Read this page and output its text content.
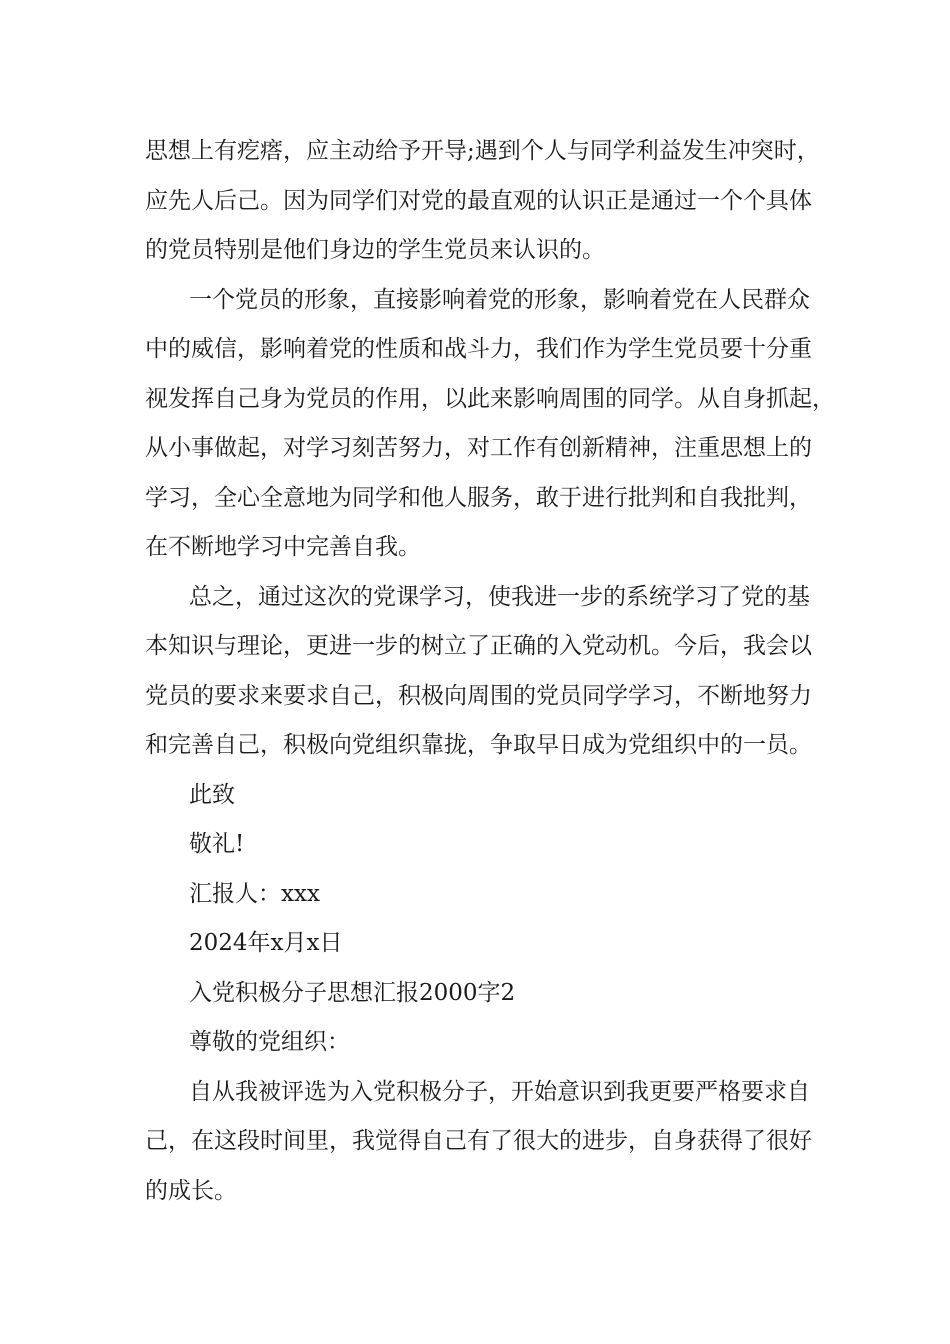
思想上有疙瘩，应主动给予开导;遇到个人与同学利益发生冲突时，
应先人后己。因为同学们对党的最直观的认识正是通过一个个具体
的党员特别是他们身边的学生党员来认识的。
一个党员的形象，直接影响着党的形象，影响着党在人民群众
中的威信，影响着党的性质和战斗力，我们作为学生党员要十分重
视发挥自己身为党员的作用，以此来影响周围的同学。从自身抓起，
从小事做起，对学习刻苦努力，对工作有创新精神，注重思想上的
学习，全心全意地为同学和他人服务，敢于进行批判和自我批判，
在不断地学习中完善自我。
总之，通过这次的党课学习，使我进一步的系统学习了党的基
本知识与理论，更进一步的树立了正确的入党动机。今后，我会以
党员的要求来要求自己，积极向周围的党员同学学习，不断地努力
和完善自己，积极向党组织靠拢，争取早日成为党组织中的一员。
此致
敬礼!
汇报人：xxx
2024年x月x日
入党积极分子思想汇报2000字2
尊敬的党组织：
自从我被评选为入党积极分子，开始意识到我更要严格要求自
己，在这段时间里，我觉得自己有了很大的进步，自身获得了很好
的成长。
